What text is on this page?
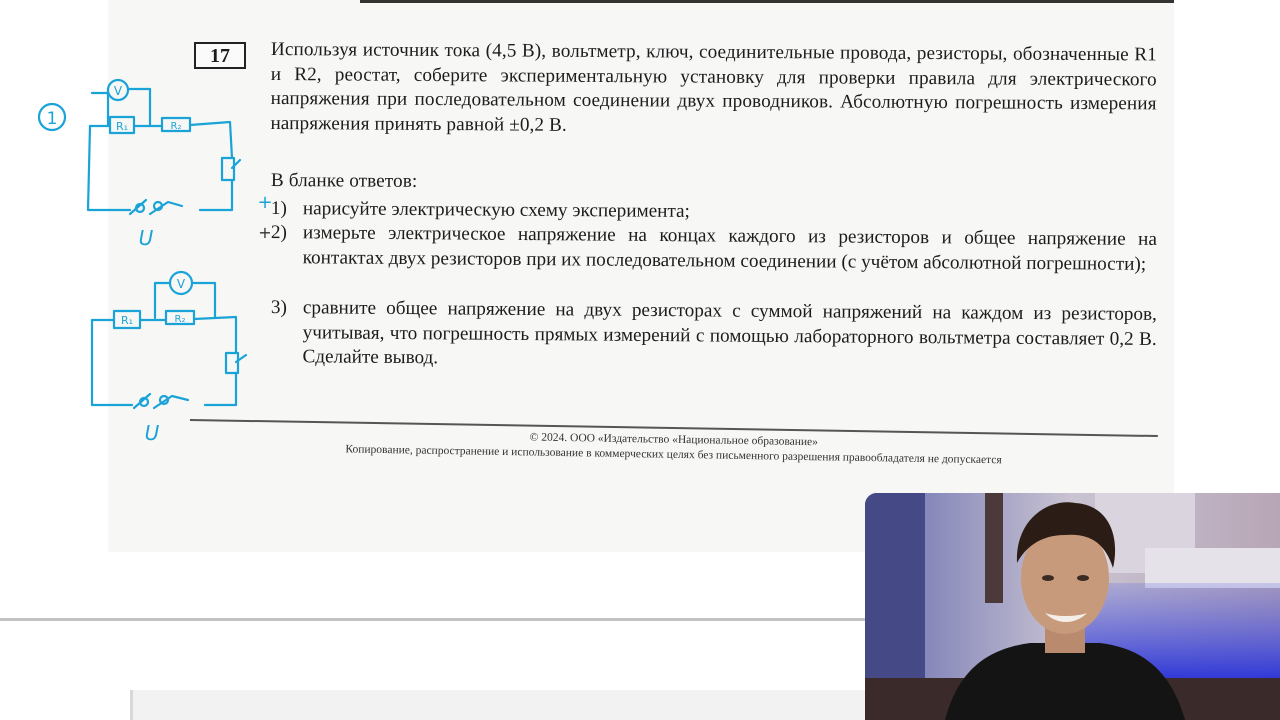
17	Используя источник тока (4,5 В), вольтметр, ключ, соединительные провода, резисторы, обозначенные R1 и R2, реостат, соберите экспериментальную установку для проверки правила для электрического напряжения при последовательном соединении двух проводников. Абсолютную погрешность измерения напряжения принять равной ±0,2 В.

В бланке ответов:

1) нарисуйте электрическую схему эксперимента;
2) измерьте электрическое напряжение на концах каждого из резисторов и общее напряжение на контактах двух резисторов при их последовательном соединении (с учётом абсолютной погрешности);
3) сравните общее напряжение на двух резисторах с суммой напряжений на каждом из резисторов, учитывая, что погрешность прямых измерений с помощью лабораторного вольтметра составляет 0,2 В. Сделайте вывод.
© 2024. ООО «Издательство «Национальное образование»
Копирование, распространение и использование в коммерческих целях без письменного разрешения правообладателя не допускается
1
V
R₁	R₂
U
+
+
V
R₁	R₂
U
